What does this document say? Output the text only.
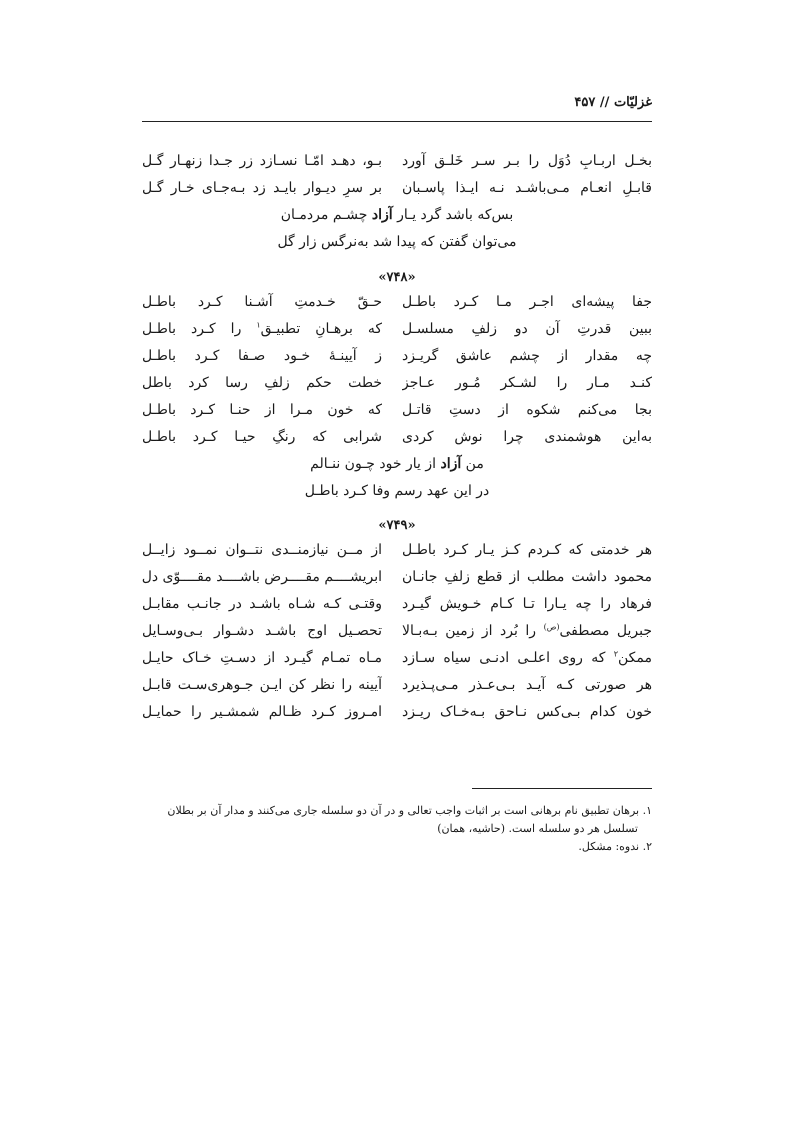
غزلیّات // ۴۵۷
بخـل اربـابِ دُوَل را بـر سـر خَلـق آورد
بـو، دهـد امّـا نسـازد زر جـدا زنهـار گـل
قابـلِ انعـام مـی‌باشـد نـه ایـذا پاسـبان
بر سرِ دیـوار بایـد زد بـه‌جـای خـار گـل
بس‌که باشد گرد یـار آزاد چشـم مردمـان
می‌توان گفتن که پیدا شد به‌نرگس زار گل
«۷۴۸»
جفا پیشه‌ای اجـر مـا کـرد باطـل
حـقّ خـدمتِ آشـنا کـرد باطـل
ببین قدرتِ آن دو زلفِ مسلسـل
که برهـانِ تطبیـق$^۱$ را کـرد باطـل
چه مقدار از چشم عاشق گریـزد
ز آیینـۀ خـود صـفا کـرد باطـل
کنـد مـار را لشـکر مُـور عـاجز
خطت حکم زلفِ رسا کرد باطل
بجا می‌کنم شکوه از دستِ قاتـل
که خون مـرا از حنـا کـرد باطـل
به‌این هوشمندی چرا نوش کردی
شرابی که رنگِ حیـا کـرد باطـل
من آزاد از یار خود چـون ننـالم
در این عهد رسم وفا کـرد باطـل
«۷۴۹»
هر خدمتی که کـردم کـز یـار کـرد باطـل
از مــن نیازمنــدی نتــوان نمــود زایــل
محمود داشت مطلب از قطع زلفِ جانـان
ابریشــــم مقــــرض باشــــد مقــــوّی دل
فرهاد را چه یـارا تـا کـام خـویش گیـرد
وقتـی کـه شـاه باشـد در جانـب مقابـل
جبریل مصطفی$^{(ص)}$ را بُرد از زمین بـه‌بـالا
تحصـیل اوج باشـد دشـوار بـی‌وسـایل
ممکن$^۲$ که روی اعلـی ادنـی سیاه سـازد
مـاه تمـام گیـرد از دسـتِ خـاک حایـل
هر صورتی کـه آیـد بـی‌عـذر مـی‌پـذیرد
آیینه را نظر کن ایـن جـوهری‌سـت قابـل
خون کدام بـی‌کس نـاحق بـه‌خـاک ریـزد
امـروز کـرد ظـالم شمشـیر را حمایـل
۱. برهان تطبیق نام برهانی است بر اثبات واجب تعالی و در آن دو سلسله جاری می‌کنند و مدار آن بر بطلان
تسلسل هر دو سلسله است. (حاشیه، همان)
۲. ندوه: مشکل.
